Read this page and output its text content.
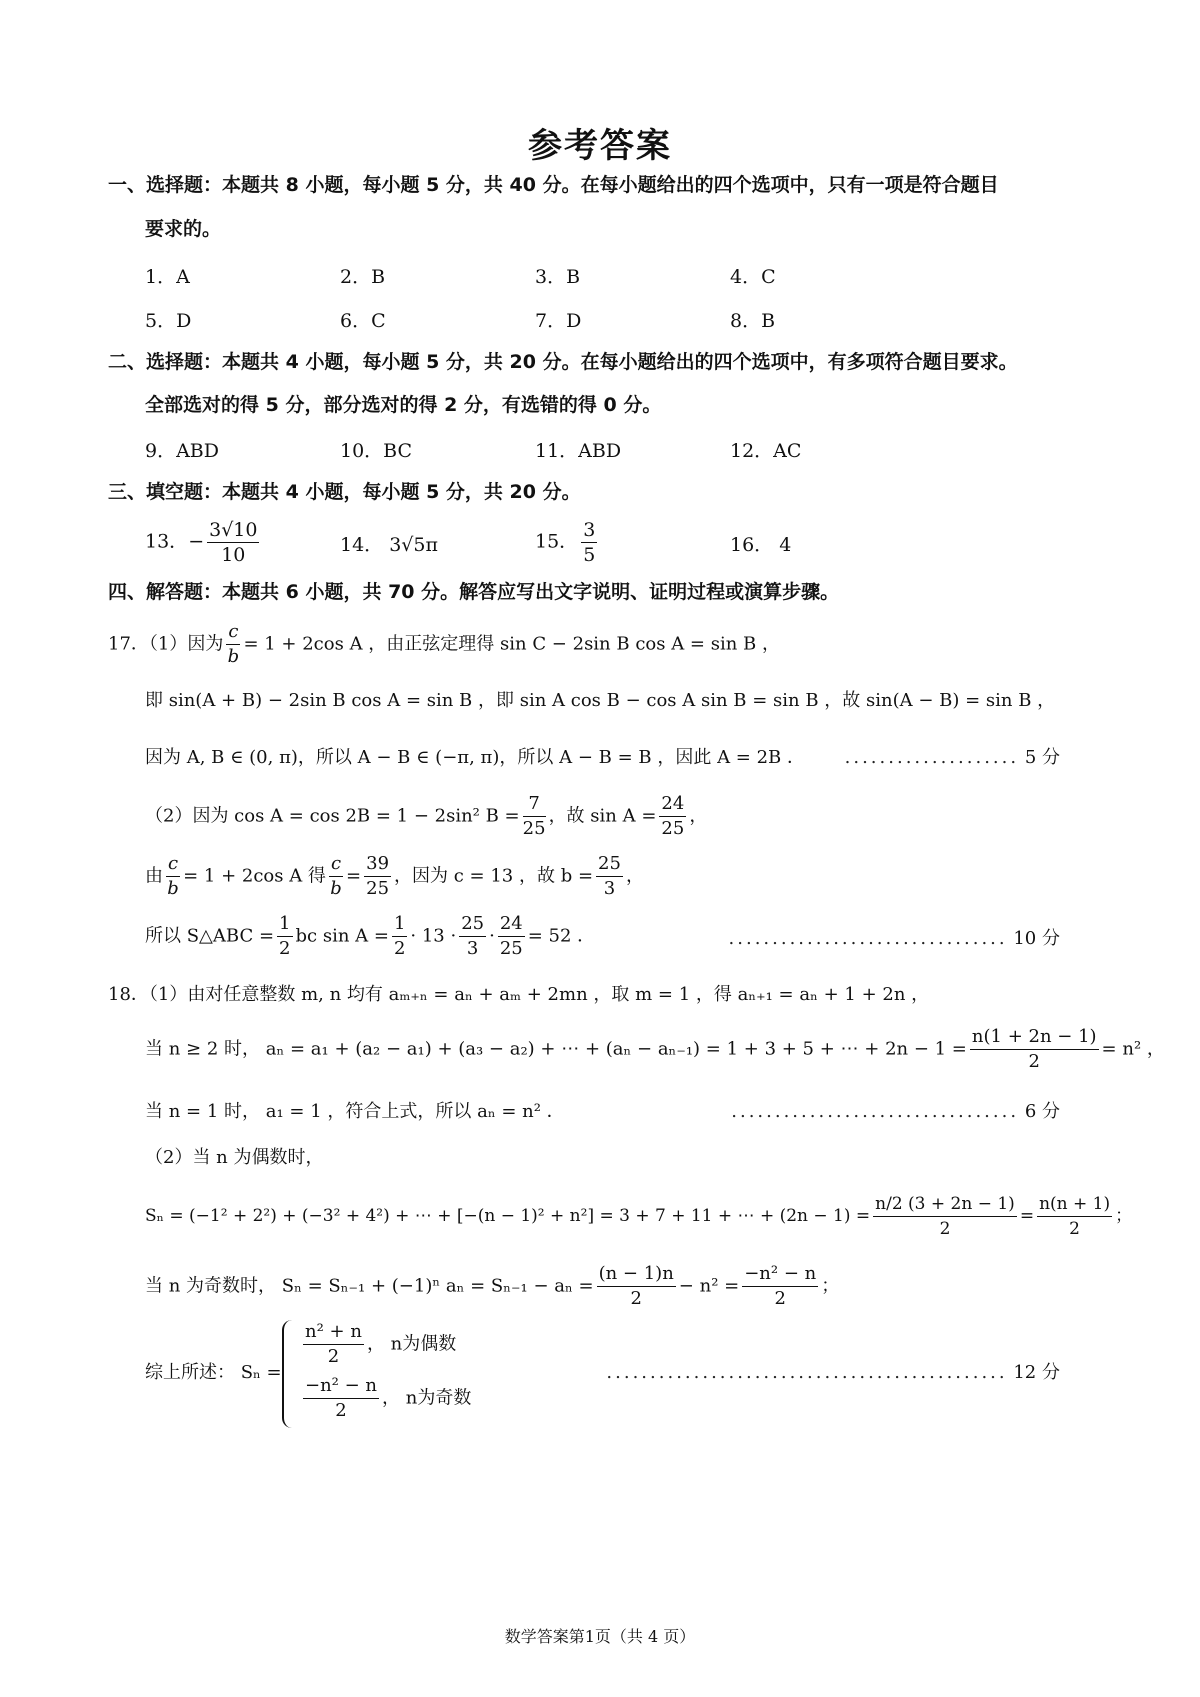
参考答案
一、选择题：本题共 8 小题，每小题 5 分，共 40 分。在每小题给出的四个选项中，只有一项是符合题目
要求的。
1．A	2．B	3．B	4．C
5．D	6．C	7．D	8．B
二、选择题：本题共 4 小题，每小题 5 分，共 20 分。在每小题给出的四个选项中，有多项符合题目要求。
全部选对的得 5 分，部分选对的得 2 分，有选错的得 0 分。
9．ABD	10．BC	11．ABD	12．AC
三、填空题：本题共 4 小题，每小题 5 分，共 20 分。
13．− $\frac{3√10}{10}$	14． 3√5π	15． $\frac{3}{5}$	16． 4
四、解答题：本题共 6 小题，共 70 分。解答应写出文字说明、证明过程或演算步骤。
17．（1）因为 $\frac{c}{b} = 1 + 2\cos$ A ，由正弦定理得 sin C − 2sin B cos A = sin B ，
即 sin(A + B) − 2sin B cos A = sin B ，即 sin A cos B − cos A sin B = sin B ，故 sin(A − B) = sin B ，
因为 A, B ∈ (0, π)，所以 A − B ∈ (−π, π)，所以 A − B = B ，因此 A = 2B ． .................... 5 分
（2）因为 cos A = cos 2B = 1 − 2sin² $B = \frac{7}{25}$ ，故 $\sin A = \frac{24}{25}$ ，
由 $\frac{c}{b} = 1 + 2\cos$ A 得 $\frac{c}{b} = \frac{39}{25}$ ，因为 c = 13 ，故 $b = \frac{25}{3}$ ，
所以 S△ABC = $\frac{1}{2}$ bc $\sin A = \frac{1}{2} \cdot 13 \cdot \frac{25}{3} \cdot \frac{24}{25} = 52$ ．	................................ 10 分
18．（1）由对任意整数 m, n 均有 aₘ₊ₙ = aₙ + aₘ + 2mn ，取 m = 1 ，得 aₙ₊₁ = aₙ + 1 + 2n ，
当 n ≥ 2 时， aₙ = a₁ + (a₂ − a₁) + (a₃ − a₂) + ⋯ + (aₙ − aₙ₋₁) = 1 + 3 + 5 + ⋯ + $2n - 1 = \frac{n(1 + 2n - 1)}{2} = n^2$ ，
当 n = 1 时， a₁ = 1 ，符合上式，所以 aₙ = n² ．	................................. 6 分
（2）当 n 为偶数时，
Sₙ = (−1² + 2²) + (−3² + 4²) + ⋯ + [−(n − 1)² + n²] = 3 + 7 + 11 + ⋯ + $(2n - 1) = \frac{n/2 (3 + 2n - 1)}{2} = \frac{n(n + 1)}{2}$ ；
当 n 为奇数时， Sₙ = Sₙ₋₁ + (−1)ⁿ $a_n = S_{n-1} - a_n = \frac{(n - 1)n}{2} - n^2 = \frac{\text{−n² − n}}{2}$ ；
综上所述： Sₙ =	.............................................. 12 分
$\frac{\text{n² + n}}{2}$ ， n为偶数
$\frac{\text{−n² − n}}{2}$ ， n为奇数
数学答案第1页（共 4 页）
